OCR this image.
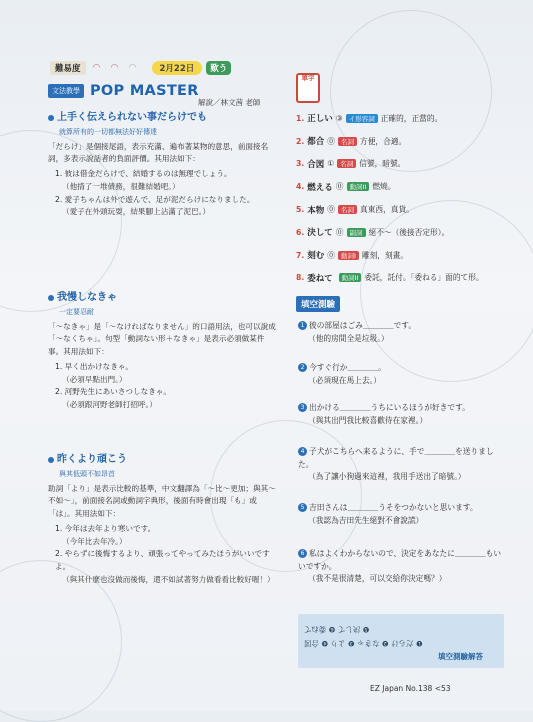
難易度	◠	◠	◠	2月22日	歎う
文法教學 POP MASTER
解說／林文茜 老師
上手く伝えられない事だらけでも
就算所有的一切都無法好好傳達
「だらけ」是個接尾語，表示充滿、遍布著某物的意思，前面接名詞，多表示說話者的負面評價。其用法如下：
1. 彼は借金だらけで、結婚するのは無理でしょう。
（他揹了一堆債務，很難結婚吧。）
2. 愛子ちゃんは外で遊んで、足が泥だらけになりました。
（愛子在外頭玩耍，結果腳上沾滿了泥巴。）
我慢しなきゃ
一定要忍耐
「～なきゃ」是「～なければなりません」的口語用法，也可以說成「～なくちゃ」。句型「動詞ない形＋なきゃ」是表示必須做某件事。其用法如下：
1. 早く出かけなきゃ。
（必須早點出門。）
2. 河野先生にあいさつしなきゃ。
（必須跟河野老師打招呼。）
昨くより頑こう
與其低頭不如昂首
助詞「より」是表示比較的基準，中文翻譯為「～比～更加；與其～不如～」，前面接名詞或動詞字典形，後面有時會出現「も」或「は」。其用法如下：
1. 今年は去年より寒いです。
（今年比去年冷。）
2. やらずに後悔するより、頑張ってやってみたほうがいいですよ。
（與其什麼也沒做而後悔，還不如試著努力做看看比較好喔！）
單字
1. 正しい ③ イ形容詞 正確的，正當的。
2. 都合 ⓪ 名詞 方便，合適。
3. 合図 ① 名詞 信號，暗號。
4. 燃える ⓪ 動詞II 燃燒。
5. 本物 ⓪ 名詞 真東西，真貨。
6. 決して ⓪ 副詞 絕不～（後接否定形）。
7. 刻む ⓪ 動詞I 雕刻，刻畫。
8. 委ねて	動詞II 委託，託付。「委ねる」面的て形。
填空測驗
1 彼の部屋はごみ＿＿＿＿です。
（他的房間全是垃圾。）
2 今すぐ行か＿＿＿＿。
（必須現在馬上去。）
3 出かける＿＿＿＿うちにいるほうが好きです。
（與其出門我比較喜歡待在家裡。）
4 子犬がこちらへ来るように、手で＿＿＿＿を送りました。
（為了讓小狗過來這裡，我用手送出了暗號。）
5 吉田さんは＿＿＿＿うそをつかないと思います。
（我認為吉田先生絕對不會說謊）
6 私はよくわからないので、決定をあなたに＿＿＿＿もいいですか。
（我不是很清楚，可以交給你決定嗎？）
❺ 決して ❻ 委ねて
❶ だらけ ❷ なきゃ ❸ より ❹ 合図
填空測驗解答
EZ Japan No.138 <53
